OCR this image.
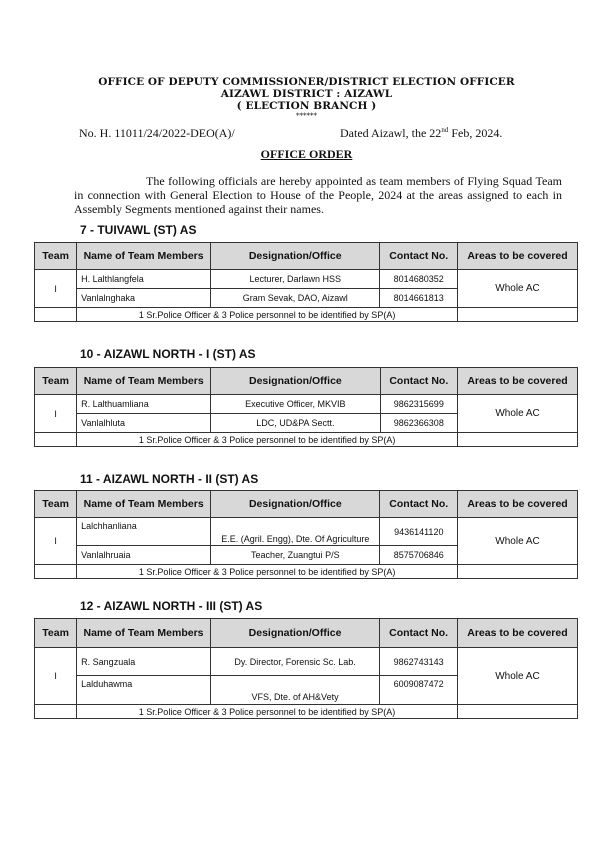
OFFICE OF DEPUTY COMMISSIONER/DISTRICT ELECTION OFFICER
AIZAWL DISTRICT : AIZAWL
( ELECTION BRANCH )
******
No. H. 11011/24/2022-DEO(A)/	Dated Aizawl, the 22nd Feb, 2024.
OFFICE ORDER
The following officials are hereby appointed as team members of Flying Squad Team in connection with General Election to House of the People, 2024 at the areas assigned to each in Assembly Segments mentioned against their names.
7 - TUIVAWL (ST) AS
Team	Name of Team Members	Designation/Office	Contact No.	Areas to be covered
I	H. Lalthlangfela	Lecturer, Darlawn HSS	8014680352	Whole AC
	Vanlalnghaka	Gram Sevak, DAO, Aizawl	8014661813	
	1 Sr.Police Officer & 3 Police personnel to be identified by SP(A)			
10 - AIZAWL NORTH - I (ST) AS
Team	Name of Team Members	Designation/Office	Contact No.	Areas to be covered
I	R. Lalthuamliana	Executive Officer, MKVIB	9862315699	Whole AC
	Vanlalhluta	LDC, UD&PA Sectt.	9862366308	
	1 Sr.Police Officer & 3 Police personnel to be identified by SP(A)			
11 - AIZAWL NORTH - II (ST) AS
Team	Name of Team Members	Designation/Office	Contact No.	Areas to be covered
I	Lalchhanliana	E.E. (Agril. Engg), Dte. Of Agriculture	9436141120	Whole AC
	Vanlalhruaia	Teacher, Zuangtui P/S	8575706846	
	1 Sr.Police Officer & 3 Police personnel to be identified by SP(A)			
12 - AIZAWL NORTH - III (ST) AS
Team	Name of Team Members	Designation/Office	Contact No.	Areas to be covered
I	R. Sangzuala	Dy. Director, Forensic Sc. Lab.	9862743143	Whole AC
	Lalduhawma	VFS, Dte. of AH&Vety	6009087472	
	1 Sr.Police Officer & 3 Police personnel to be identified by SP(A)			
